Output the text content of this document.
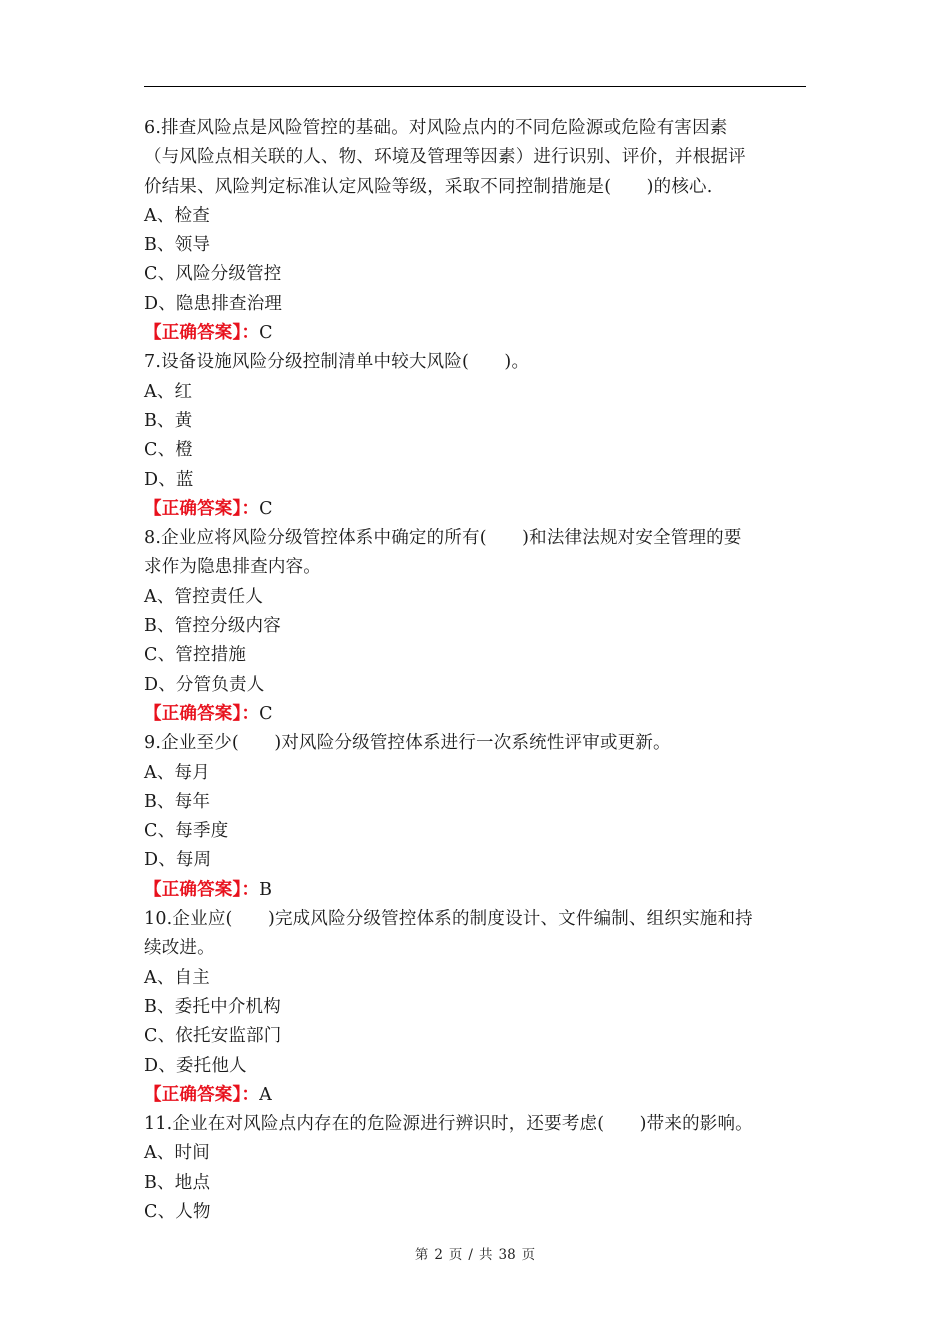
6.排查风险点是风险管控的基础。对风险点内的不同危险源或危险有害因素
（与风险点相关联的人、物、环境及管理等因素）进行识别、评价，并根据评
价结果、风险判定标准认定风险等级，采取不同控制措施是(　　)的核心.
A、检查
B、领导
C、风险分级管控
D、隐患排查治理
【正确答案】：C
7.设备设施风险分级控制清单中较大风险(　　)。
A、红
B、黄
C、橙
D、蓝
【正确答案】：C
8.企业应将风险分级管控体系中确定的所有(　　)和法律法规对安全管理的要
求作为隐患排查内容。
A、管控责任人
B、管控分级内容
C、管控措施
D、分管负责人
【正确答案】：C
9.企业至少(　　)对风险分级管控体系进行一次系统性评审或更新。
A、每月
B、每年
C、每季度
D、每周
【正确答案】：B
10.企业应(　　)完成风险分级管控体系的制度设计、文件编制、组织实施和持
续改进。
A、自主
B、委托中介机构
C、依托安监部门
D、委托他人
【正确答案】：A
11.企业在对风险点内存在的危险源进行辨识时，还要考虑(　　)带来的影响。
A、时间
B、地点
C、人物
第 2 页 / 共 38 页
